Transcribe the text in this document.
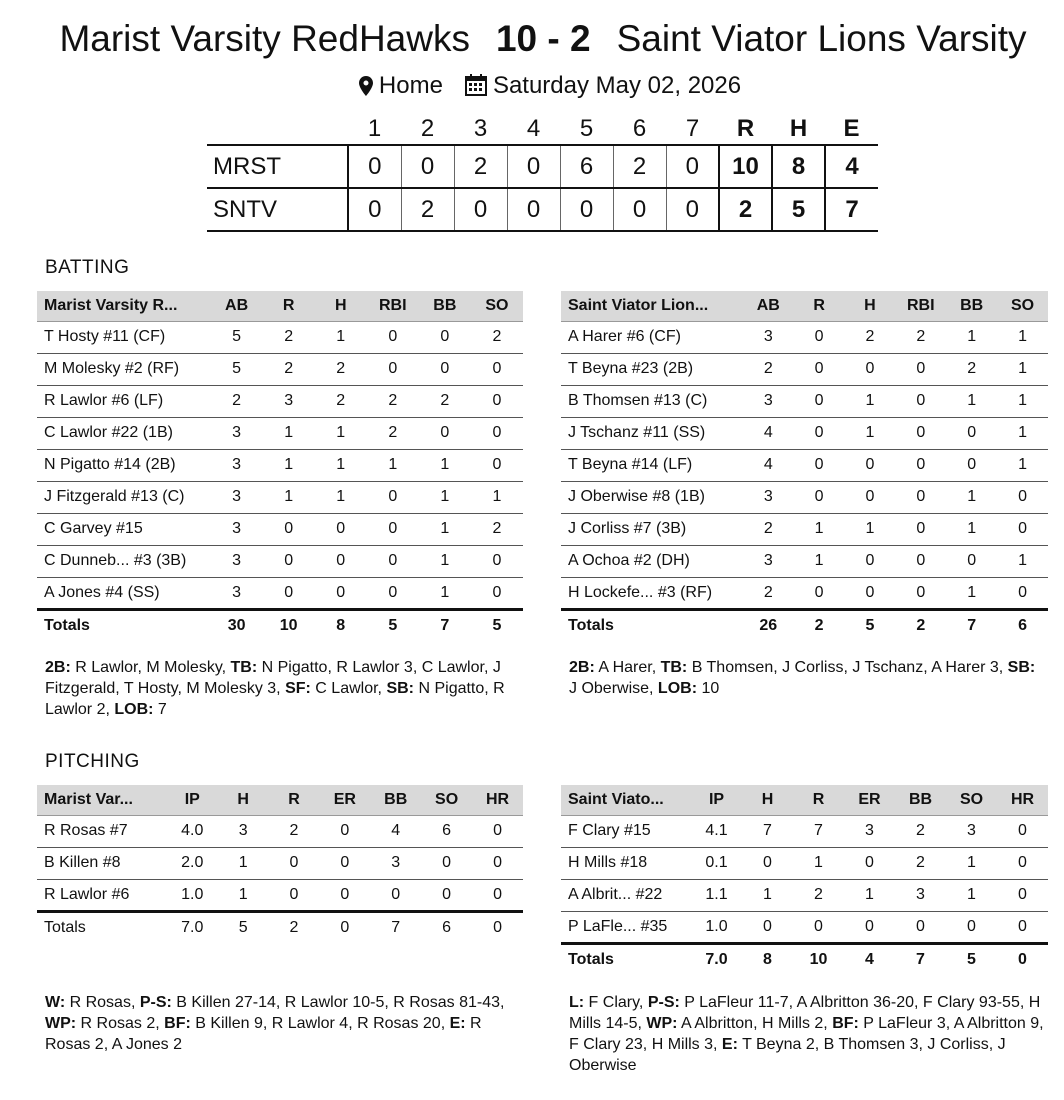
Marist Varsity RedHawks 10 - 2 Saint Viator Lions Varsity
Home Saturday May 02, 2026
	1	2	3	4	5	6	7	R	H	E
MRST	0	0	2	0	6	2	0	10	8	4
SNTV	0	2	0	0	0	0	0	2	5	7
BATTING
Marist Varsity R...	AB	R	H	RBI	BB	SO
T Hosty #11 (CF)	5	2	1	0	0	2
M Molesky #2 (RF)	5	2	2	0	0	0
R Lawlor #6 (LF)	2	3	2	2	2	0
C Lawlor #22 (1B)	3	1	1	2	0	0
N Pigatto #14 (2B)	3	1	1	1	1	0
J Fitzgerald #13 (C)	3	1	1	0	1	1
C Garvey #15	3	0	0	0	1	2
C Dunneb... #3 (3B)	3	0	0	0	1	0
A Jones #4 (SS)	3	0	0	0	1	0
Totals	30	10	8	5	7	5
Saint Viator Lion...	AB	R	H	RBI	BB	SO
A Harer #6 (CF)	3	0	2	2	1	1
T Beyna #23 (2B)	2	0	0	0	2	1
B Thomsen #13 (C)	3	0	1	0	1	1
J Tschanz #11 (SS)	4	0	1	0	0	1
T Beyna #14 (LF)	4	0	0	0	0	1
J Oberwise #8 (1B)	3	0	0	0	1	0
J Corliss #7 (3B)	2	1	1	0	1	0
A Ochoa #2 (DH)	3	1	0	0	0	1
H Lockefe... #3 (RF)	2	0	0	0	1	0
Totals	26	2	5	2	7	6
2B: R Lawlor, M Molesky, TB: N Pigatto, R Lawlor 3, C Lawlor, J Fitzgerald, T Hosty, M Molesky 3, SF: C Lawlor, SB: N Pigatto, R Lawlor 2, LOB: 7
2B: A Harer, TB: B Thomsen, J Corliss, J Tschanz, A Harer 3, SB: J Oberwise, LOB: 10
PITCHING
Marist Var...	IP	H	R	ER	BB	SO	HR
R Rosas #7	4.0	3	2	0	4	6	0
B Killen #8	2.0	1	0	0	3	0	0
R Lawlor #6	1.0	1	0	0	0	0	0
Totals	7.0	5	2	0	7	6	0
Saint Viato...	IP	H	R	ER	BB	SO	HR
F Clary #15	4.1	7	7	3	2	3	0
H Mills #18	0.1	0	1	0	2	1	0
A Albrit... #22	1.1	1	2	1	3	1	0
P LaFle... #35	1.0	0	0	0	0	0	0
Totals	7.0	8	10	4	7	5	0
W: R Rosas, P-S: B Killen 27-14, R Lawlor 10-5, R Rosas 81-43, WP: R Rosas 2, BF: B Killen 9, R Lawlor 4, R Rosas 20, E: R Rosas 2, A Jones 2
L: F Clary, P-S: P LaFleur 11-7, A Albritton 36-20, F Clary 93-55, H Mills 14-5, WP: A Albritton, H Mills 2, BF: P LaFleur 3, A Albritton 9, F Clary 23, H Mills 3, E: T Beyna 2, B Thomsen 3, J Corliss, J Oberwise
